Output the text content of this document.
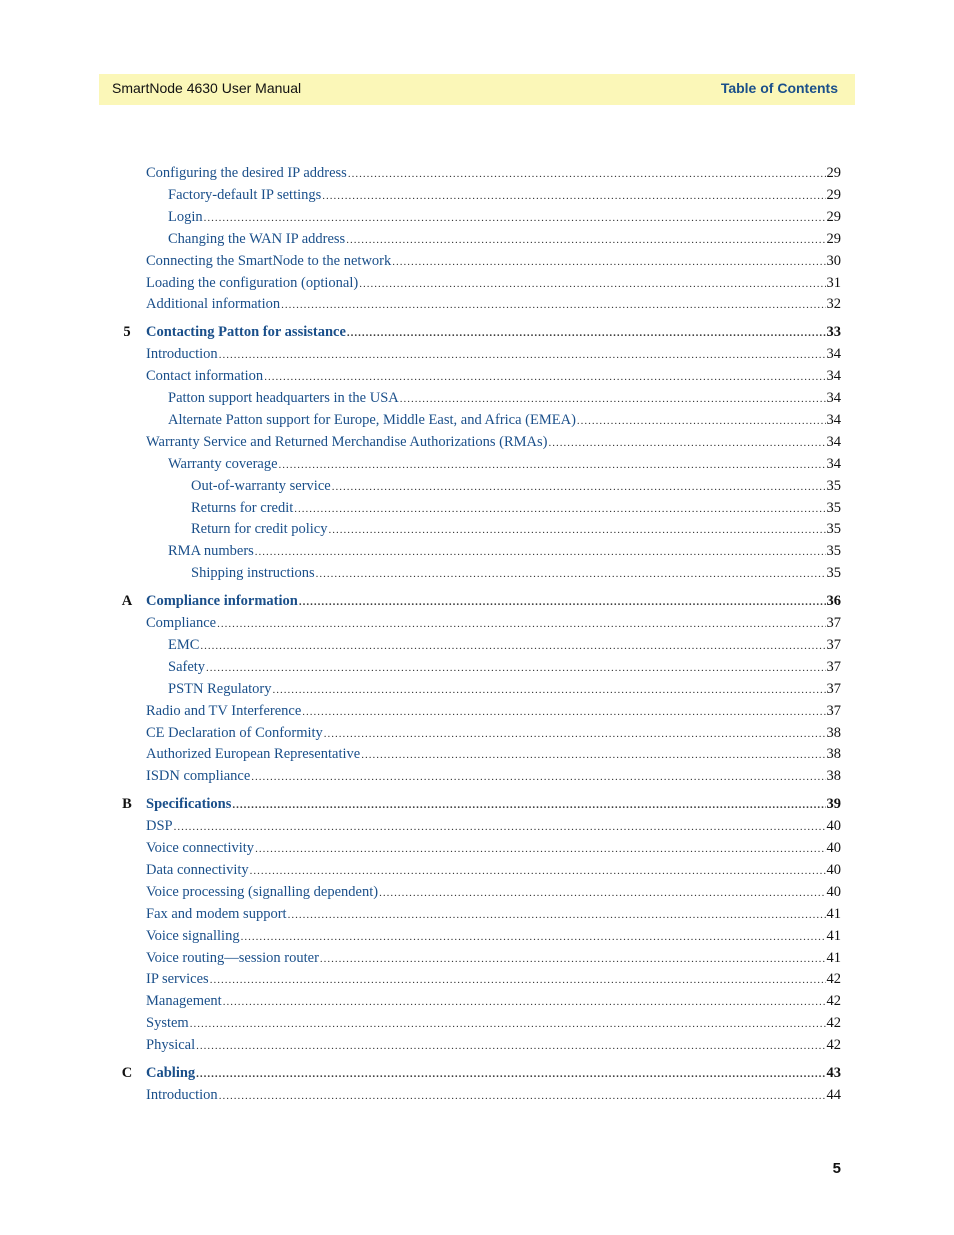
SmartNode 4630 User Manual	Table of Contents
Configuring the desired IP address .....	29
Factory-default IP settings .....	29
Login .....	29
Changing the WAN IP address .....	29
Connecting the SmartNode to the network .....	30
Loading the configuration (optional) .....	31
Additional information .....	32
5	Contacting Patton for assistance .....	33
Introduction .....	34
Contact information .....	34
Patton support headquarters in the USA .....	34
Alternate Patton support for Europe, Middle East, and Africa (EMEA) .....	34
Warranty Service and Returned Merchandise Authorizations (RMAs) .....	34
Warranty coverage .....	34
Out-of-warranty service .....	35
Returns for credit .....	35
Return for credit policy .....	35
RMA numbers .....	35
Shipping instructions .....	35
A Compliance information .....	36
Compliance .....	37
EMC .....	37
Safety .....	37
PSTN Regulatory .....	37
Radio and TV Interference .....	37
CE Declaration of Conformity .....	38
Authorized European Representative .....	38
ISDN compliance .....	38
B Specifications .....	39
DSP .....	40
Voice connectivity .....	40
Data connectivity .....	40
Voice processing (signalling dependent) .....	40
Fax and modem support .....	41
Voice signalling .....	41
Voice routing—session router .....	41
IP services .....	42
Management .....	42
System .....	42
Physical .....	42
C Cabling .....	43
Introduction .....	44
5
